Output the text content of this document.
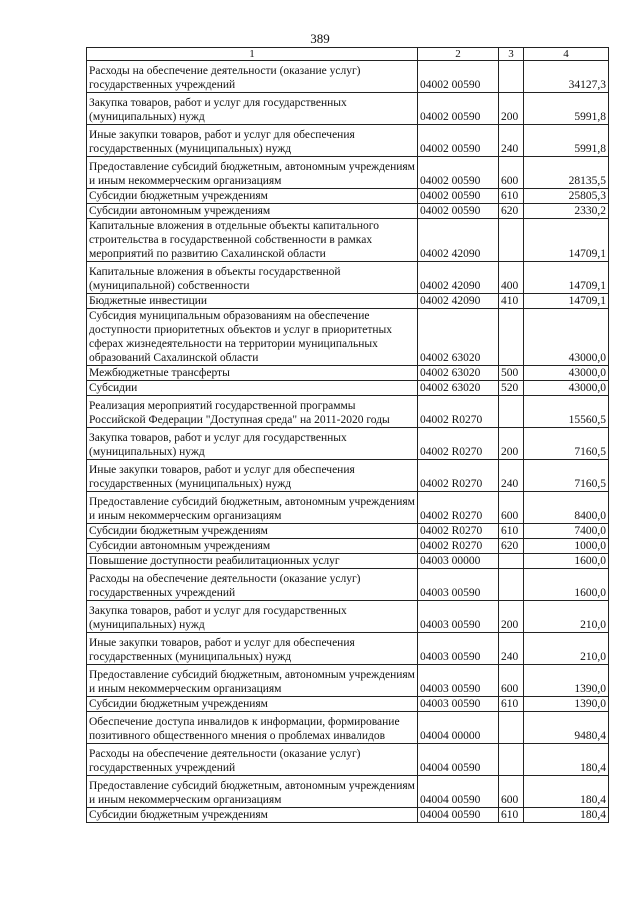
389
1	2	3	4
Расходы на обеспечение деятельности (оказание услуг) государственных учреждений	04002 00590		34127,3
Закупка товаров, работ и услуг для государственных (муниципальных) нужд	04002 00590	200	5991,8
Иные закупки товаров, работ и услуг для обеспечения государственных (муниципальных) нужд	04002 00590	240	5991,8
Предоставление субсидий бюджетным, автономным учреждениям и иным некоммерческим организациям	04002 00590	600	28135,5
Субсидии бюджетным учреждениям	04002 00590	610	25805,3
Субсидии автономным учреждениям	04002 00590	620	2330,2
Капитальные вложения в отдельные объекты капитального строительства в государственной собственности в рамках мероприятий по развитию Сахалинской области	04002 42090		14709,1
Капитальные вложения в объекты государственной (муниципальной) собственности	04002 42090	400	14709,1
Бюджетные инвестиции	04002 42090	410	14709,1
Субсидия муниципальным образованиям на обеспечение доступности приоритетных объектов и услуг в приоритетных сферах жизнедеятельности на территории муниципальных образований Сахалинской области	04002 63020		43000,0
Межбюджетные трансферты	04002 63020	500	43000,0
Субсидии	04002 63020	520	43000,0
Реализация мероприятий государственной программы Российской Федерации "Доступная среда" на 2011-2020 годы	04002 R0270		15560,5
Закупка товаров, работ и услуг для государственных (муниципальных) нужд	04002 R0270	200	7160,5
Иные закупки товаров, работ и услуг для обеспечения государственных (муниципальных) нужд	04002 R0270	240	7160,5
Предоставление субсидий бюджетным, автономным учреждениям и иным некоммерческим организациям	04002 R0270	600	8400,0
Субсидии бюджетным учреждениям	04002 R0270	610	7400,0
Субсидии автономным учреждениям	04002 R0270	620	1000,0
Повышение доступности реабилитационных услуг	04003 00000		1600,0
Расходы на обеспечение деятельности (оказание услуг) государственных учреждений	04003 00590		1600,0
Закупка товаров, работ и услуг для государственных (муниципальных) нужд	04003 00590	200	210,0
Иные закупки товаров, работ и услуг для обеспечения государственных (муниципальных) нужд	04003 00590	240	210,0
Предоставление субсидий бюджетным, автономным учреждениям и иным некоммерческим организациям	04003 00590	600	1390,0
Субсидии бюджетным учреждениям	04003 00590	610	1390,0
Обеспечение доступа инвалидов к информации, формирование позитивного общественного мнения о проблемах инвалидов	04004 00000		9480,4
Расходы на обеспечение деятельности (оказание услуг) государственных учреждений	04004 00590		180,4
Предоставление субсидий бюджетным, автономным учреждениям и иным некоммерческим организациям	04004 00590	600	180,4
Субсидии бюджетным учреждениям	04004 00590	610	180,4
